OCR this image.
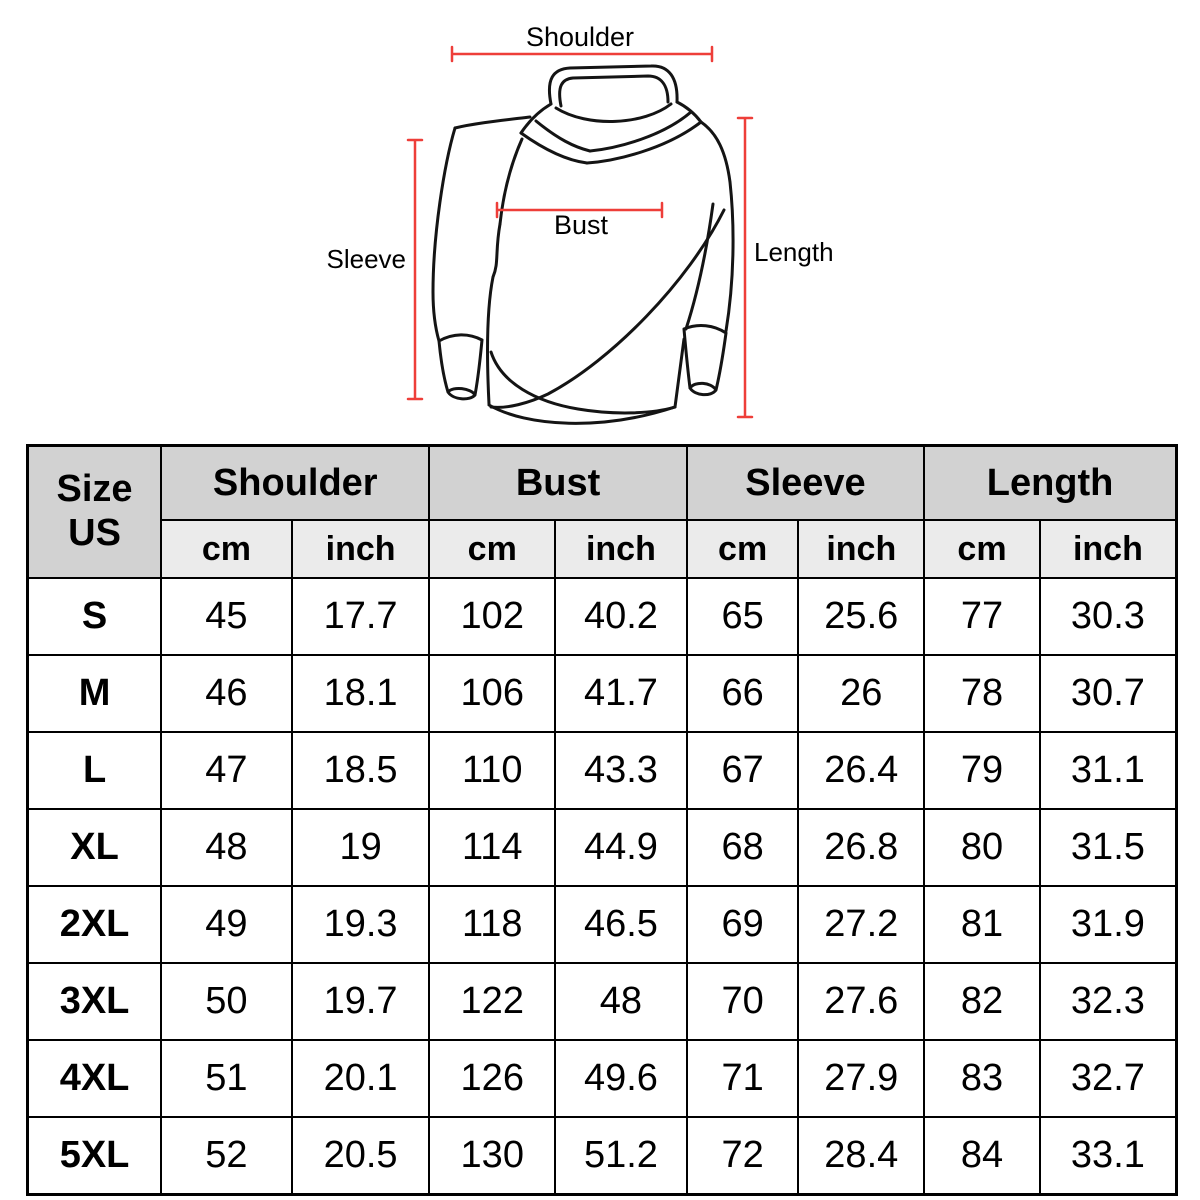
Shoulder
Bust
Sleeve	Length
Size
US	Shoulder		Bust		Sleeve		Length	
	cm	inch	cm	inch	cm	inch	cm	inch
S	45	17.7	102	40.2	65	25.6	77	30.3
M	46	18.1	106	41.7	66	26	78	30.7
L	47	18.5	110	43.3	67	26.4	79	31.1
XL	48	19	114	44.9	68	26.8	80	31.5
2XL	49	19.3	118	46.5	69	27.2	81	31.9
3XL	50	19.7	122	48	70	27.6	82	32.3
4XL	51	20.1	126	49.6	71	27.9	83	32.7
5XL	52	20.5	130	51.2	72	28.4	84	33.1
